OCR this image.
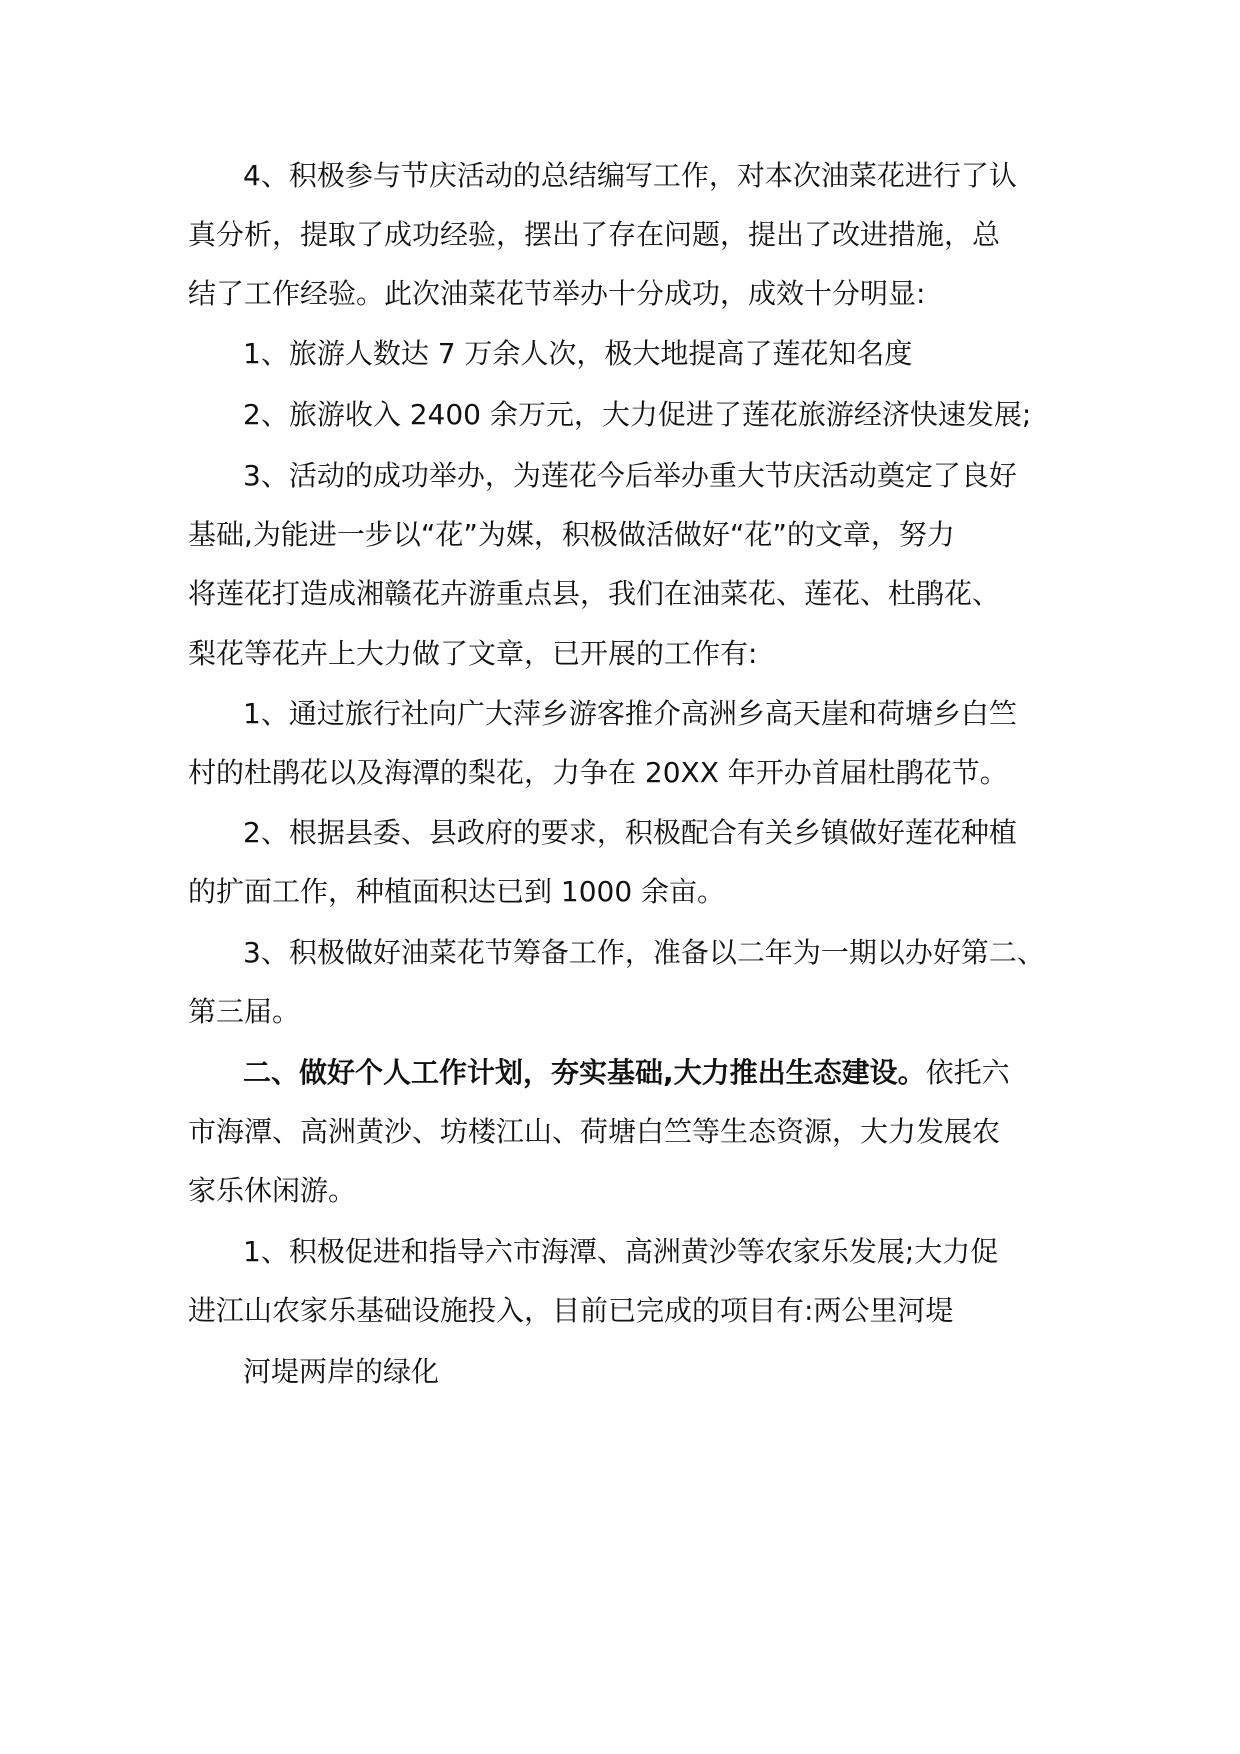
4、积极参与节庆活动的总结编写工作，对本次油菜花进行了认
真分析，提取了成功经验，摆出了存在问题，提出了改进措施，总
结了工作经验。此次油菜花节举办十分成功，成效十分明显:
1、旅游人数达 7 万余人次，极大地提高了莲花知名度
2、旅游收入 2400 余万元，大力促进了莲花旅游经济快速发展;
3、活动的成功举办，为莲花今后举办重大节庆活动奠定了良好
基础,为能进一步以“花”为媒，积极做活做好“花”的文章，努力
将莲花打造成湘赣花卉游重点县，我们在油菜花、莲花、杜鹃花、
梨花等花卉上大力做了文章，已开展的工作有:
1、通过旅行社向广大萍乡游客推介高洲乡高天崖和荷塘乡白竺
村的杜鹃花以及海潭的梨花，力争在 20XX 年开办首届杜鹃花节。
2、根据县委、县政府的要求，积极配合有关乡镇做好莲花种植
的扩面工作，种植面积达已到 1000 余亩。
3、积极做好油菜花节筹备工作，准备以二年为一期以办好第二、
第三届。
二、做好个人工作计划，夯实基础,大力推出生态建设。依托六
市海潭、高洲黄沙、坊楼江山、荷塘白竺等生态资源，大力发展农
家乐休闲游。
1、积极促进和指导六市海潭、高洲黄沙等农家乐发展;大力促
进江山农家乐基础设施投入，目前已完成的项目有:两公里河堤
河堤两岸的绿化
